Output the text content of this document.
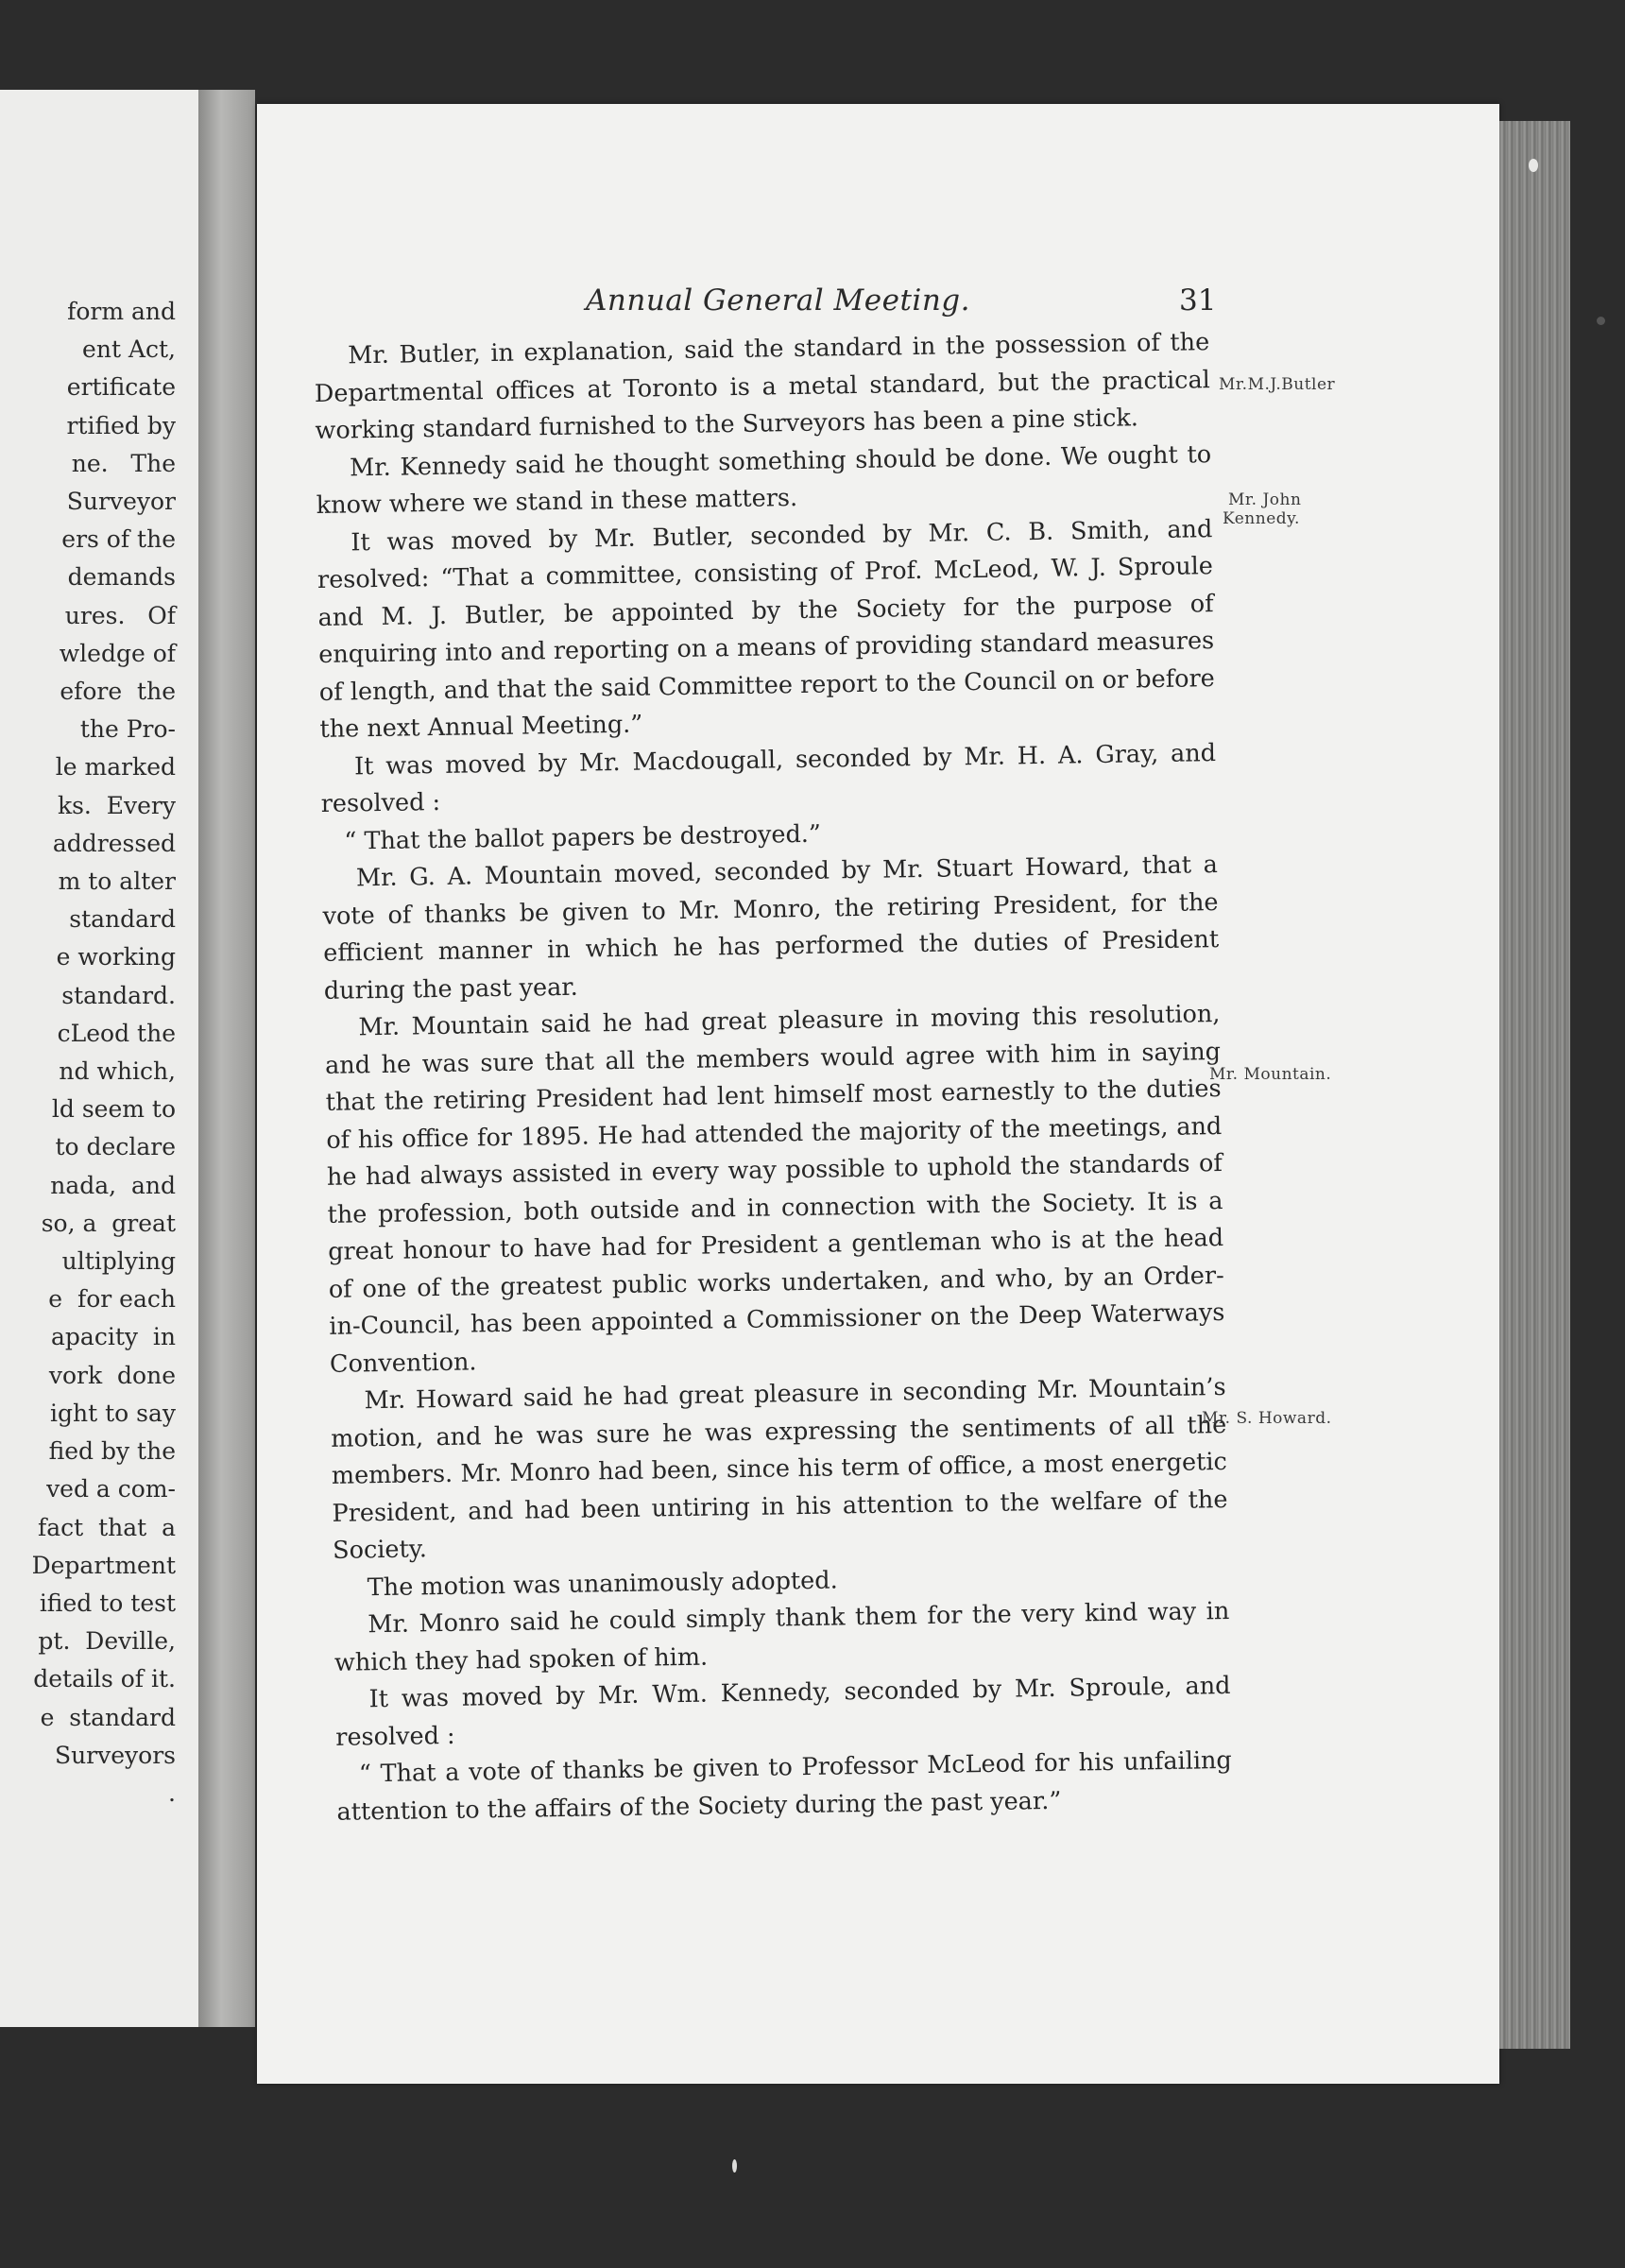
form and
ent Act,
ertificate
rtified by
ne.   The
Surveyor
ers of the
demands
ures.   Of
wledge of
efore  the
the Pro-
le marked
ks.  Every
addressed
m to alter
standard
e working
standard.
cLeod the
nd which,
ld seem to
to declare
nada,  and
so, a  great
ultiplying
e  for each
apacity  in
vork  done
ight to say
fied by the
ved a com-
fact  that  a
Department
ified to test
pt.  Deville,
details of it.
e  standard
Surveyors
.
Annual General Meeting.	31

Mr. Butler, in explanation, said the standard in the possession of the Departmental offices at Toronto is a metal standard, but the practical working standard furnished to the Surveyors has been a pine stick.

Mr. Kennedy said he thought something should be done. We ought to know where we stand in these matters.

It was moved by Mr. Butler, seconded by Mr. C. B. Smith, and resolved: “That a committee, consisting of Prof. McLeod, W. J. Sproule and M. J. Butler, be appointed by the Society for the purpose of enquiring into and reporting on a means of providing standard measures of length, and that the said Committee report to the Council on or before the next Annual Meeting.”

It was moved by Mr. Macdougall, seconded by Mr. H. A. Gray, and resolved :

“ That the ballot papers be destroyed.”

Mr. G. A. Mountain moved, seconded by Mr. Stuart Howard, that a vote of thanks be given to Mr. Monro, the retiring President, for the efficient manner in which he has performed the duties of President during the past year.

Mr. Mountain said he had great pleasure in moving this resolution, and he was sure that all the members would agree with him in saying that the retiring President had lent himself most earnestly to the duties of his office for 1895. He had attended the majority of the meetings, and he had always assisted in every way possible to uphold the standards of the profession, both outside and in connection with the Society. It is a great honour to have had for President a gentleman who is at the head of one of the greatest public works undertaken, and who, by an Order-in-Council, has been appointed a Commissioner on the Deep Waterways Convention.

Mr. Howard said he had great pleasure in seconding Mr. Mountain’s motion, and he was sure he was expressing the sentiments of all the members. Mr. Monro had been, since his term of office, a most energetic President, and had been untiring in his attention to the welfare of the Society.

The motion was unanimously adopted.

Mr. Monro said he could simply thank them for the very kind way in which they had spoken of him.

It was moved by Mr. Wm. Kennedy, seconded by Mr. Sproule, and resolved :

“ That a vote of thanks be given to Professor McLeod for his unfailing attention to the affairs of the Society during the past year.”

Mr.M.J.Butler
Mr. John
Kennedy.
Mr. Mountain.
Mr. S. Howard.
